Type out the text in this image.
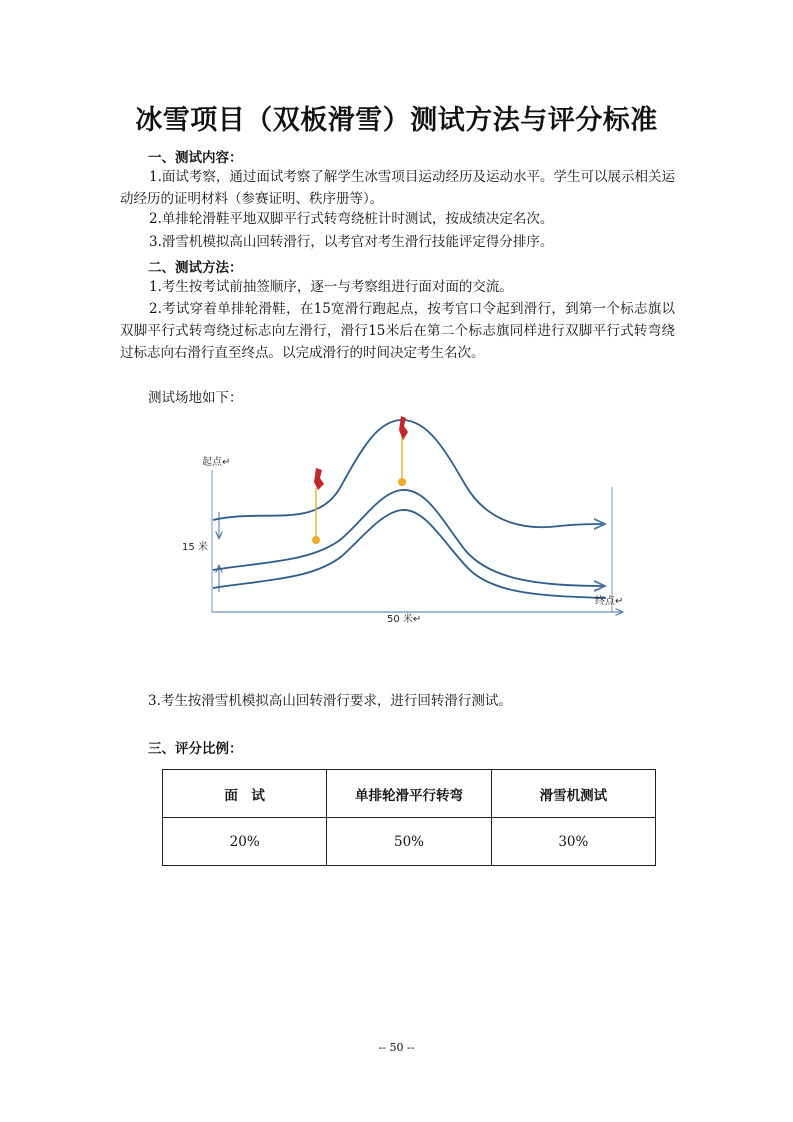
冰雪项目（双板滑雪）测试方法与评分标准
一、测试内容：
1.面试考察，通过面试考察了解学生冰雪项目运动经历及运动水平。学生可以展示相关运动经历的证明材料（参赛证明、秩序册等）。
2.单排轮滑鞋平地双脚平行式转弯绕桩计时测试，按成绩决定名次。
3.滑雪机模拟高山回转滑行，以考官对考生滑行技能评定得分排序。
二、测试方法：
1.考生按考试前抽签顺序，逐一与考察组进行面对面的交流。
2.考试穿着单排轮滑鞋，在15宽滑行跑起点，按考官口令起到滑行，到第一个标志旗以双脚平行式转弯绕过标志向左滑行，滑行15米后在第二个标志旗同样进行双脚平行式转弯绕过标志向右滑行直至终点。以完成滑行的时间决定考生名次。
测试场地如下：
起点↵
15 米
50 米↵
终点↵
3.考生按滑雪机模拟高山回转滑行要求，进行回转滑行测试。
三、评分比例：
面　试	单排轮滑平行转弯	滑雪机测试
20%	50%	30%
-- 50 --
